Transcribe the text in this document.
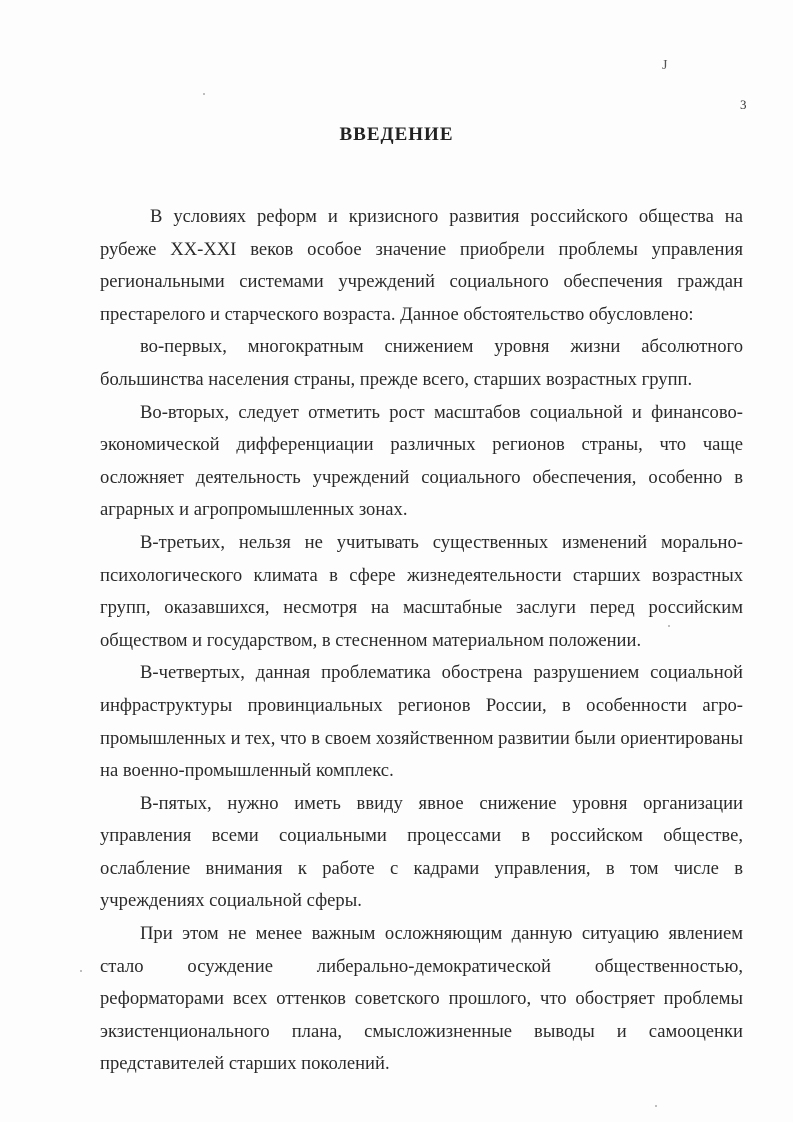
J
3
ВВЕДЕНИЕ

В условиях реформ и кризисного развития российского общества на рубеже XX-XXI веков особое значение приобрели проблемы управления региональными системами учреждений социального обеспечения граждан престарелого и старческого возраста. Данное обстоятельство обусловлено:

во-первых, многократным снижением уровня жизни абсолютного большинства населения страны, прежде всего, старших возрастных групп.

Во-вторых, следует отметить рост масштабов социальной и финансово-экономической дифференциации различных регионов страны, что чаще осложняет деятельность учреждений социального обеспечения, особенно в аграрных и агропромышленных зонах.

В-третьих, нельзя не учитывать существенных изменений морально-психологического климата в сфере жизнедеятельности старших возрастных групп, оказавшихся, несмотря на масштабные заслуги перед российским обществом и государством, в стесненном материальном положении.

В-четвертых, данная проблематика обострена разрушением социальной инфраструктуры провинциальных регионов России, в особенности агро-промышленных и тех, что в своем хозяйственном развитии были ориентированы на военно-промышленный комплекс.

В-пятых, нужно иметь ввиду явное снижение уровня организации управления всеми социальными процессами в российском обществе, ослабление внимания к работе с кадрами управления, в том числе в учреждениях социальной сферы.

При этом не менее важным осложняющим данную ситуацию явлением стало осуждение либерально-демократической общественностью, реформаторами всех оттенков советского прошлого, что обостряет проблемы экзистенционального плана, смысложизненные выводы и самооценки представителей старших поколений.
